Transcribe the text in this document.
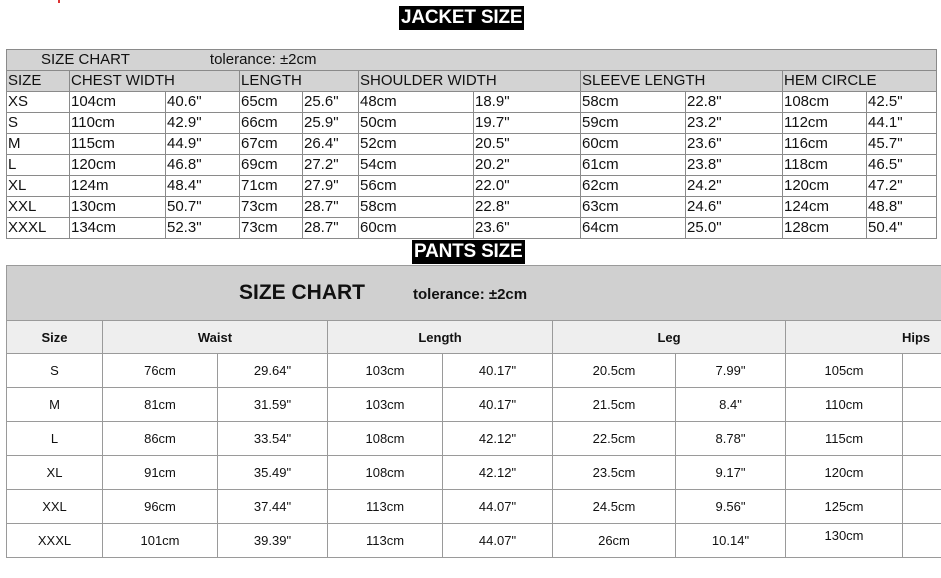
JACKET SIZE
SIZE CHART tolerance: ±2cm										
SIZE	CHEST WIDTH		LENGTH		SHOULDER WIDTH		SLEEVE LENGTH		HEM CIRCLE	
XS	104cm	40.6"	65cm	25.6"	48cm	18.9"	58cm	22.8"	108cm	42.5"
S	110cm	42.9"	66cm	25.9"	50cm	19.7"	59cm	23.2"	112cm	44.1"
M	115cm	44.9"	67cm	26.4"	52cm	20.5"	60cm	23.6"	116cm	45.7"
L	120cm	46.8"	69cm	27.2"	54cm	20.2"	61cm	23.8"	118cm	46.5"
XL	124m	48.4"	71cm	27.9"	56cm	22.0"	62cm	24.2"	120cm	47.2"
XXL	130cm	50.7"	73cm	28.7"	58cm	22.8"	63cm	24.6"	124cm	48.8"
XXXL	134cm	52.3"	73cm	28.7"	60cm	23.6"	64cm	25.0"	128cm	50.4"
PANTS SIZE
SIZE CHART tolerance: ±2cm								
Size	Waist		Length		Leg		Hips	
S	76cm	29.64"	103cm	40.17"	20.5cm	7.99"	105cm	
M	81cm	31.59"	103cm	40.17"	21.5cm	8.4"	110cm	
L	86cm	33.54"	108cm	42.12"	22.5cm	8.78"	115cm	
XL	91cm	35.49"	108cm	42.12"	23.5cm	9.17"	120cm	
XXL	96cm	37.44"	113cm	44.07"	24.5cm	9.56"	125cm	
XXXL	101cm	39.39"	113cm	44.07"	26cm	10.14"	130cm	
